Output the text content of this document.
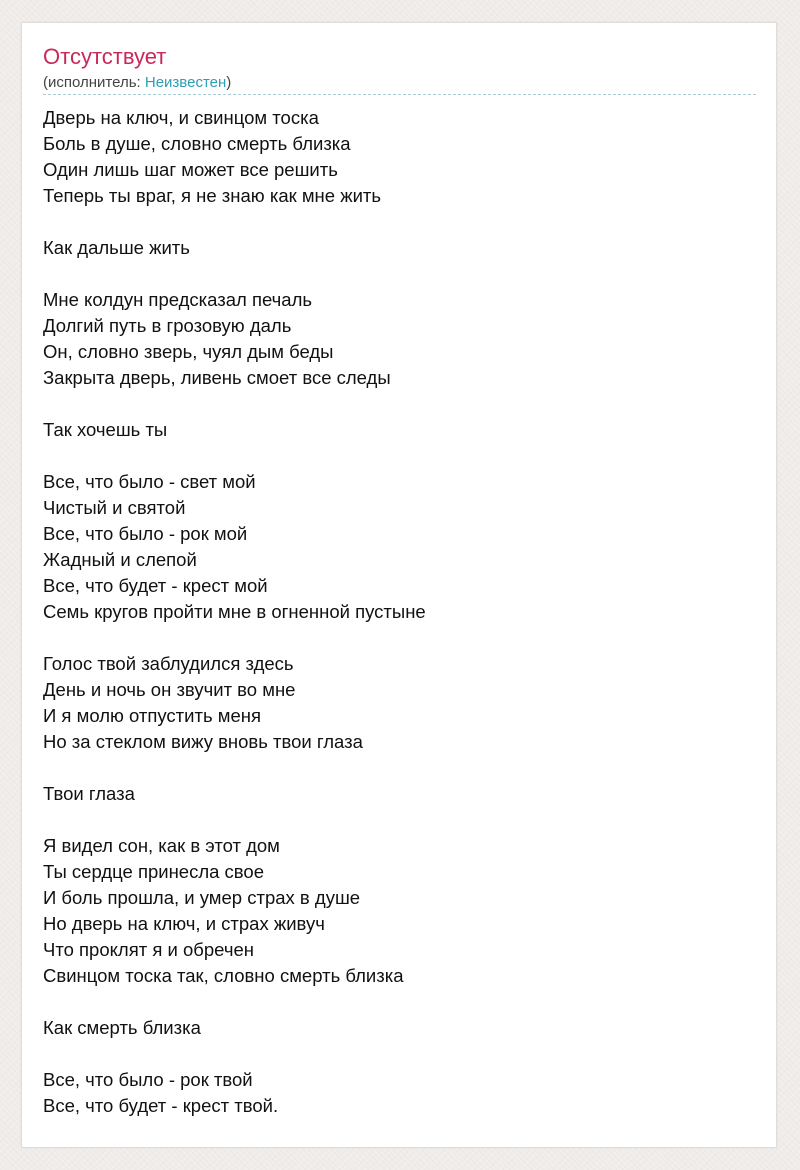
Отсутствует
(исполнитель: Неизвестен)
Дверь на ключ, и свинцом тоска
Боль в душе, словно смерть близка
Один лишь шаг может все решить
Теперь ты враг, я не знаю как мне жить
Как дальше жить
Мне колдун предсказал печаль
Долгий путь в грозовую даль
Он, словно зверь, чуял дым беды
Закрыта дверь, ливень смоет все следы
Так хочешь ты
Все, что было - свет мой
Чистый и святой
Все, что было - рок мой
Жадный и слепой
Все, что будет - крест мой
Семь кругов пройти мне в огненной пустыне
Голос твой заблудился здесь
День и ночь он звучит во мне
И я молю отпустить меня
Но за стеклом вижу вновь твои глаза
Твои глаза
Я видел сон, как в этот дом
Ты сердце принесла свое
И боль прошла, и умер страх в душе
Но дверь на ключ, и страх живуч
Что проклят я и обречен
Свинцом тоска так, словно смерть близка
Как смерть близка
Все, что было - рок твой
Все, что будет - крест твой.
